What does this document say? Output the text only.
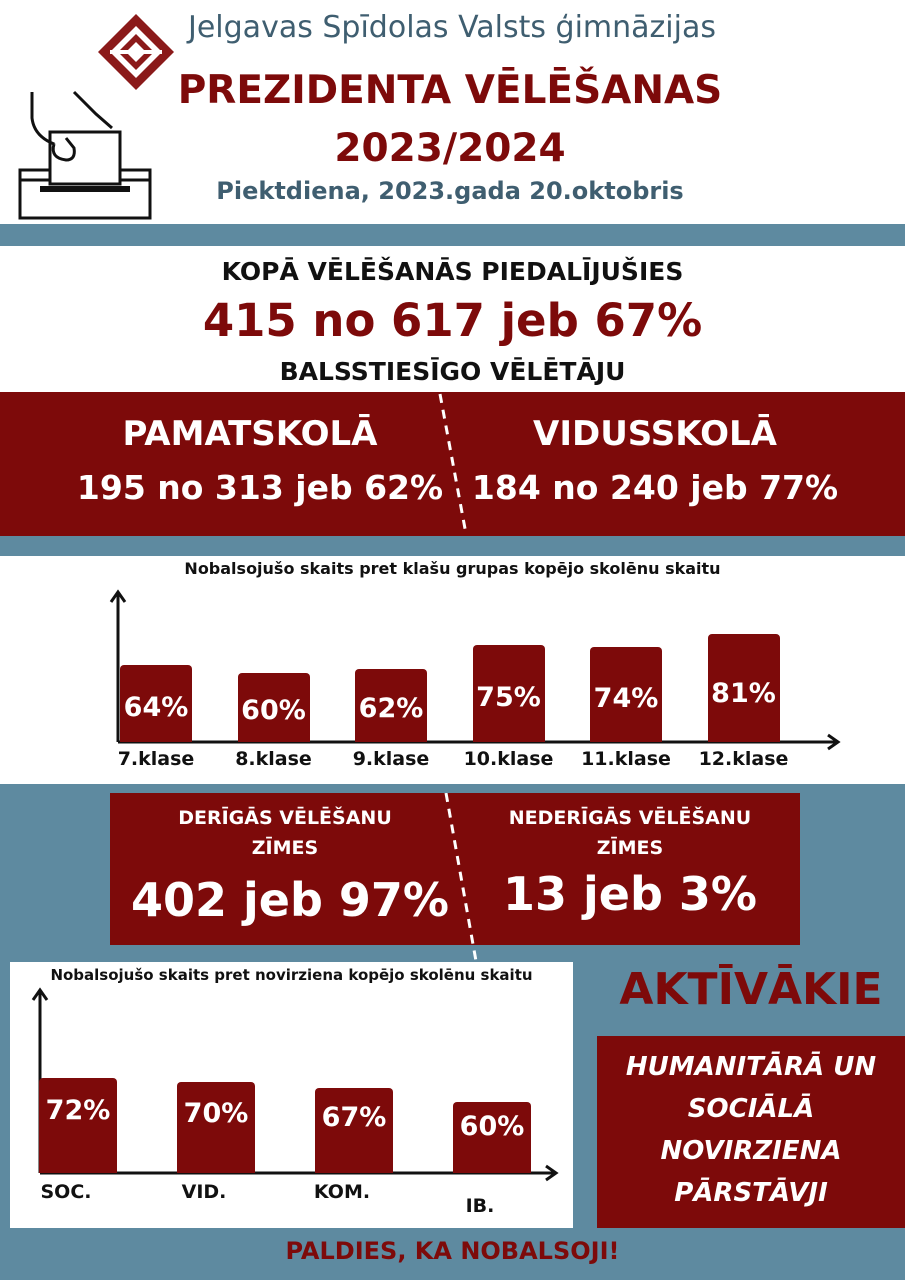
Jelgavas Spīdolas Valsts ģimnāzijas
PREZIDENTA VĒLĒŠANAS
2023/2024
Piektdiena, 2023.gada 20.oktobris
KOPĀ VĒLĒŠANĀS PIEDALĪJUŠIES
415 no 617 jeb 67%
BALSSTIESĪGO VĒLĒTĀJU
PAMATSKOLĀ
195 no 313 jeb 62%
VIDUSSKOLĀ
184 no 240 jeb 77%
Nobalsojušo skaits pret klašu grupas kopējo skolēnu skaitu
64%
7.klase
60%
8.klase
62%
9.klase
75%
10.klase
74%
11.klase
81%
12.klase
DERĪGĀS VĒLĒŠANU
ZĪMES
402 jeb 97%
NEDERĪGĀS VĒLĒŠANU
ZĪMES
13 jeb 3%
AKTĪVĀKIE
HUMANITĀRĀ UN
SOCIĀLĀ
NOVIRZIENA
PĀRSTĀVJI
Nobalsojušo skaits pret novirziena kopējo skolēnu skaitu
72%
SOC.
70%
VID.
67%
KOM.
60%
IB.
PALDIES, KA NOBALSOJI!
